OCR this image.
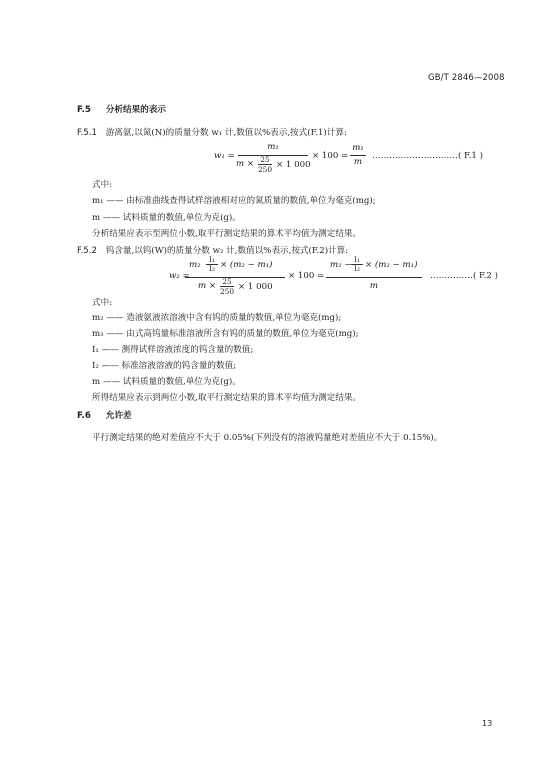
GB/T 2846—2008
F.5 分析结果的表示
F.5.1 游离氨,以氮(N)的质量分数 w₁ 计,数值以%表示,按式(F.1)计算:
w₁ =
m₁
m × 25
250 × 1 000
× 100 =
m₁
m
…………………………( F.1 )
式中:
m₁ —— 由标准曲线查得试样溶液相对应的氮质量的数值,单位为毫克(mg);
m —— 试料质量的数值,单位为克(g)。
分析结果应表示至两位小数,取平行测定结果的算术平均值为测定结果。
F.5.2 钨含量,以钨(W)的质量分数 w₂ 计,数值以%表示,按式(F.2)计算:
w₂ =
m₂
I₁
I₂ × (m₂ − m₁)
m × 25
250 × 1 000
× 100 =
m₂ −
I₁
I₂ × (m₂ − m₁)
m
……………( F.2 )
式中:
m₂ —— 造液氨液浓溶液中含有钨的质量的数值,单位为毫克(mg);
m₃ —— 由式高钨量标准溶液所含有钨的质量的数值,单位为毫克(mg);
I₁ —— 测得试样溶液浓度的钨含量的数值;
I₂ —— 标准溶液溶液的钨含量的数值;
m —— 试料质量的数值,单位为克(g)。
所得结果应表示到两位小数,取平行测定结果的算术平均值为测定结果。
F.6 允许差
平行测定结果的绝对差值应不大于 0.05%(下列没有的溶液钨量绝对差值应不大于 0.15%)。
13
